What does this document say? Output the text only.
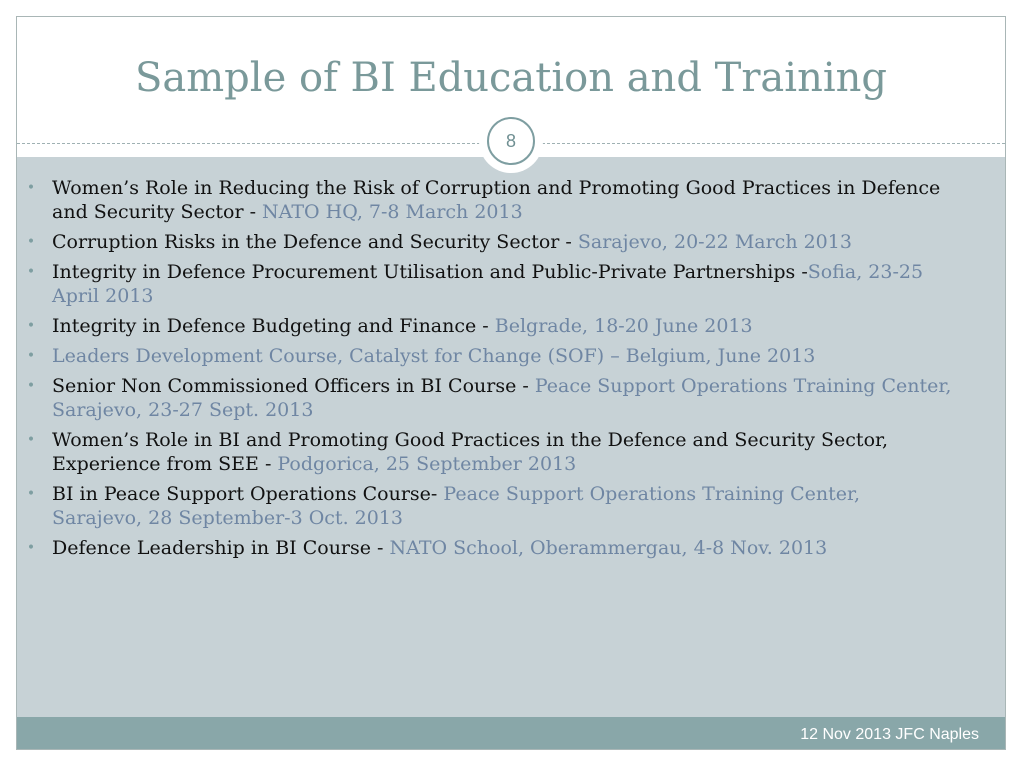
Sample of BI Education and Training
8
12 Nov 2013 JFC Naples
• Women’s Role in Reducing the Risk of Corruption and Promoting Good Practices in Defence and Security Sector - NATO HQ, 7-8 March 2013
• Corruption Risks in the Defence and Security Sector - Sarajevo, 20-22 March 2013
• Integrity in Defence Procurement Utilisation and Public-Private Partnerships -Sofia, 23-25 April 2013
• Integrity in Defence Budgeting and Finance - Belgrade, 18-20 June 2013
• Leaders Development Course, Catalyst for Change (SOF) – Belgium, June 2013
• Senior Non Commissioned Officers in BI Course - Peace Support Operations Training Center, Sarajevo, 23-27 Sept. 2013
• Women’s Role in BI and Promoting Good Practices in the Defence and Security Sector, Experience from SEE - Podgorica, 25 September 2013
• BI in Peace Support Operations Course- Peace Support Operations Training Center, Sarajevo, 28 September-3 Oct. 2013
• Defence Leadership in BI Course - NATO School, Oberammergau, 4-8 Nov. 2013
